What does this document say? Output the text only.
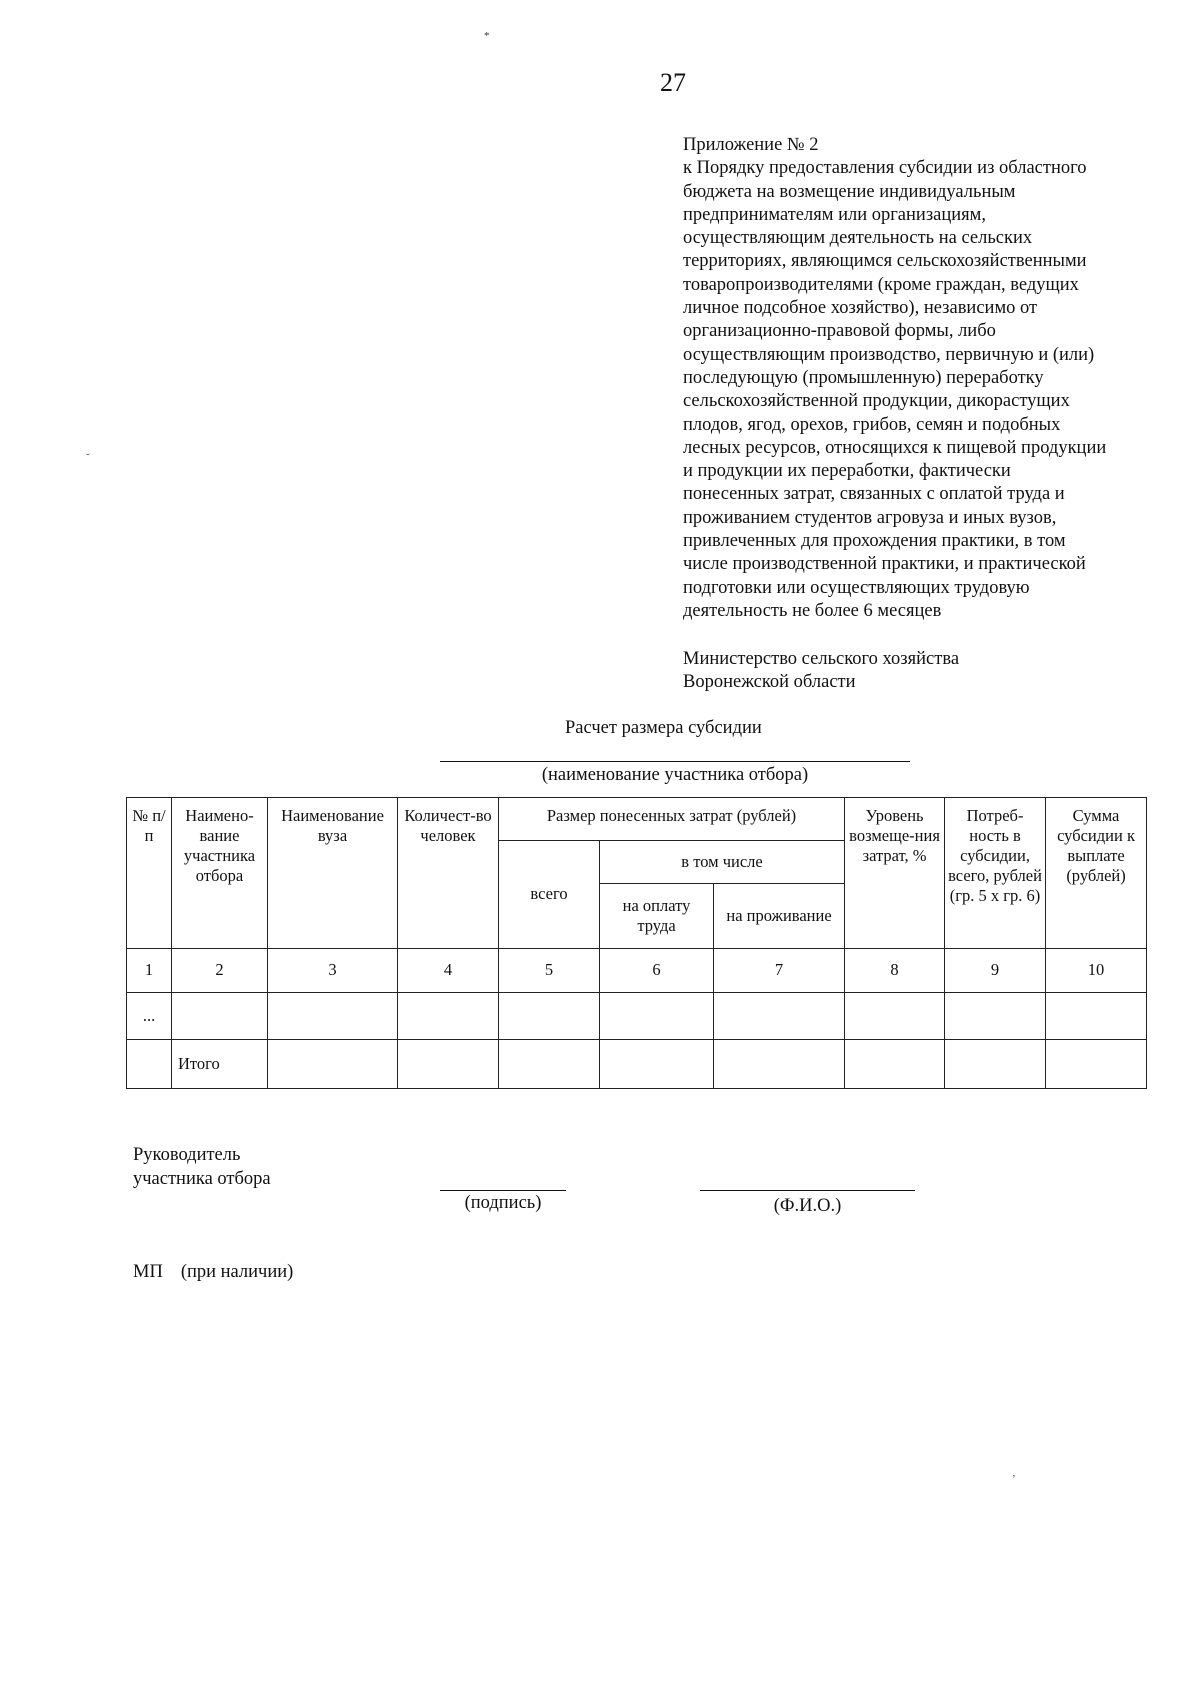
27

Приложение № 2

к Порядку предоставления субсидии из областного

бюджета на возмещение индивидуальным

предпринимателям или организациям,

осуществляющим деятельность на сельских

территориях, являющимся сельскохозяйственными

товаропроизводителями (кроме граждан, ведущих

личное подсобное хозяйство), независимо от

организационно-правовой формы, либо

осуществляющим производство, первичную и (или)

последующую (промышленную) переработку

сельскохозяйственной продукции, дикорастущих

плодов, ягод, орехов, грибов, семян и подобных

лесных ресурсов, относящихся к пищевой продукции

и продукции их переработки, фактически

понесенных затрат, связанных с оплатой труда и

проживанием студентов агровуза и иных вузов,

привлеченных для прохождения практики, в том

числе производственной практики, и практической

подготовки или осуществляющих трудовую

деятельность не более 6 месяцев

Министерство сельского хозяйства

Воронежской области

Расчет размера субсидии
(наименование участника отбора)
№ п/п	Наимено-вание участника отбора	Наименование вуза	Количест-во человек	Размер понесенных затрат (рублей)			Уровень возмеще-ния затрат, %	Потреб-ность в субсидии, всего, рублей (гр. 5 х гр. 6)	Сумма субсидии к выплате (рублей)
				всего	в том числе				
					на оплату труда	на проживание			
1	2	3	4	5	6	7	8	9	10
...									
	Итого								

Руководитель

участника отбора

(подпись)	(Ф.И.О.)
МП (при наличии)
*
˘
ʼ
